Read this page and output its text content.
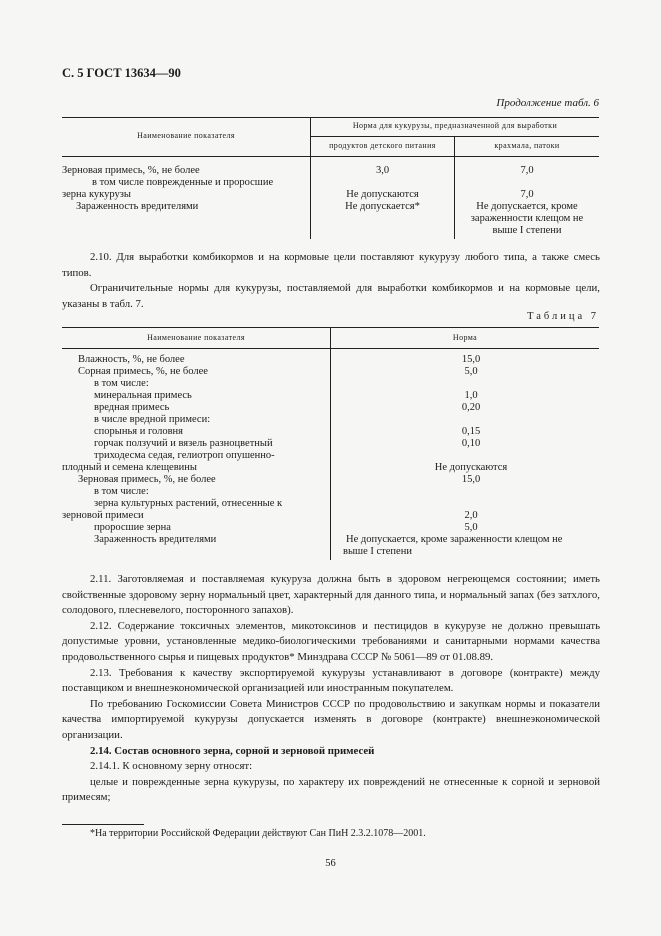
С. 5 ГОСТ 13634—90
Продолжение табл. 6
Наименование показателя
Норма для кукурузы, предназначенной для выработки
продуктов детского питания	крахмала, патоки
Зерновая примесь, %, не более	3,0	7,0
в том числе поврежденные и проросшие
зерна кукурузы	Не допускаются	7,0
Зараженность вредителями	Не допускается*	Не допускается, кроме
зараженности клещом не
выше I степени

2.10. Для выработки комбикормов и на кормовые цели поставляют кукурузу любого типа, а также смесь типов.

Ограничительные нормы для кукурузы, поставляемой для выработки комбикормов и на кормовые цели, указаны в табл. 7.

Таблица 7
Наименование показателя	Норма
Влажность, %, не более	15,0
Сорная примесь, %, не более	5,0
в том числе:
минеральная примесь	1,0
вредная примесь	0,20
в числе вредной примеси:
спорынья и головня	0,15
горчак ползучий и вязель разноцветный	0,10
триходесма седая, гелиотроп опушенно-
плодный и семена клещевины	Не допускаются
Зерновая примесь, %, не более	15,0
в том числе:
зерна культурных растений, отнесенные к
зерновой примеси	2,0
проросшие зерна	5,0
Зараженность вредителями	Не допускается, кроме зараженности клещом не
выше I степени

2.11. Заготовляемая и поставляемая кукуруза должна быть в здоровом негреющемся состоянии; иметь свойственные здоровому зерну нормальный цвет, характерный для данного типа, и нормальный запах (без затхлого, солодового, плесневелого, посторонного запахов).

2.12. Содержание токсичных элементов, микотоксинов и пестицидов в кукурузе не должно превышать допустимые уровни, установленные медико-биологическими требованиями и санитарными нормами качества продовольственного сырья и пищевых продуктов* Минздрава СССР № 5061—89 от 01.08.89.

2.13. Требования к качеству экспортируемой кукурузы устанавливают в договоре (контракте) между поставщиком и внешнеэкономической организацией или иностранным покупателем.

По требованию Госкомиссии Совета Министров СССР по продовольствию и закупкам нормы и показатели качества импортируемой кукурузы допускается изменять в договоре (контракте) внешнеэкономической организации.

2.14. Состав основного зерна, сорной и зерновой примесей

2.14.1. К основному зерну относят:

целые и поврежденные зерна кукурузы, по характеру их повреждений не отнесенные к сорной и зерновой примесям;

*На территории Российской Федерации действуют Сан ПиН 2.3.2.1078—2001.
56
